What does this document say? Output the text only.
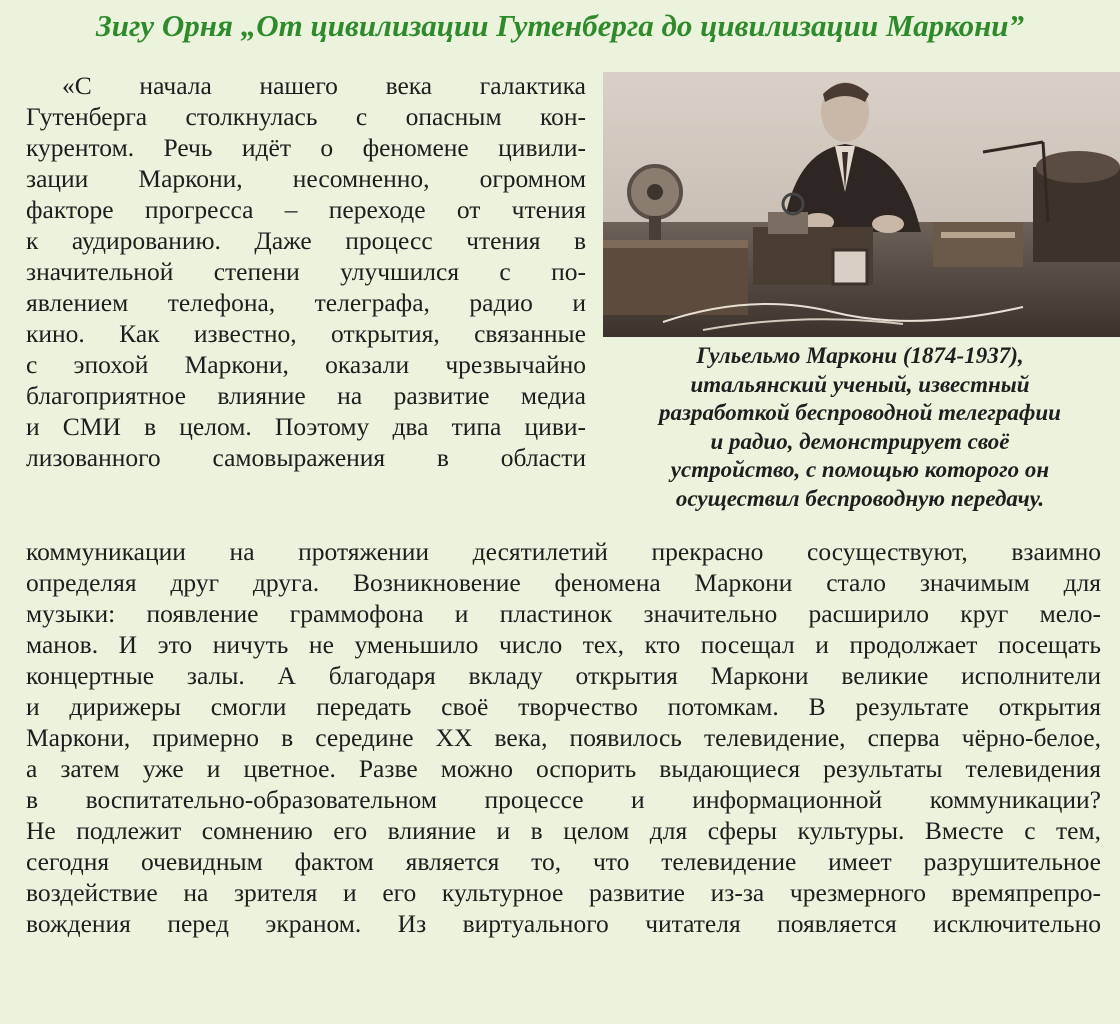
Зигу Орня „От цивилизации Гутенберга до цивилизации Маркони”
«С начала нашего века галактика
Гутенберга столкнулась с опасным кон-
курентом. Речь идёт о феномене цивили-
зации Маркони, несомненно, огромном
факторе прогресса – переходе от чтения
к аудированию. Даже процесс чтения в
значительной степени улучшился с по-
явлением телефона, телеграфа, радио и
кино. Как известно, открытия, связанные
с эпохой Маркони, оказали чрезвычайно
благоприятное влияние на развитие медиа
и СМИ в целом. Поэтому два типа циви-
лизованного самовыражения в области
Гульельмо Маркони (1874-1937),
итальянский ученый, известный
разработкой беспроводной телеграфии
и радио, демонстрирует своё
устройство, с помощью которого он
осуществил беспроводную передачу.
коммуникации на протяжении десятилетий прекрасно сосуществуют, взаимно
определяя друг друга. Возникновение феномена Маркони стало значимым для
музыки: появление граммофона и пластинок значительно расширило круг мело-
манов. И это ничуть не уменьшило число тех, кто посещал и продолжает посещать
концертные залы. А благодаря вкладу открытия Маркони великие исполнители
и дирижеры смогли передать своё творчество потомкам. В результате открытия
Маркони, примерно в середине XX века, появилось телевидение, сперва чёрно-белое,
а затем уже и цветное. Разве можно оспорить выдающиеся результаты телевидения
в воспитательно-образовательном процессе и информационной коммуникации?
Не подлежит сомнению его влияние и в целом для сферы культуры. Вместе с тем,
сегодня очевидным фактом является то, что телевидение имеет разрушительное
воздействие на зрителя и его культурное развитие из-за чрезмерного времяпрепро-
вождения перед экраном. Из виртуального читателя появляется исключительно
